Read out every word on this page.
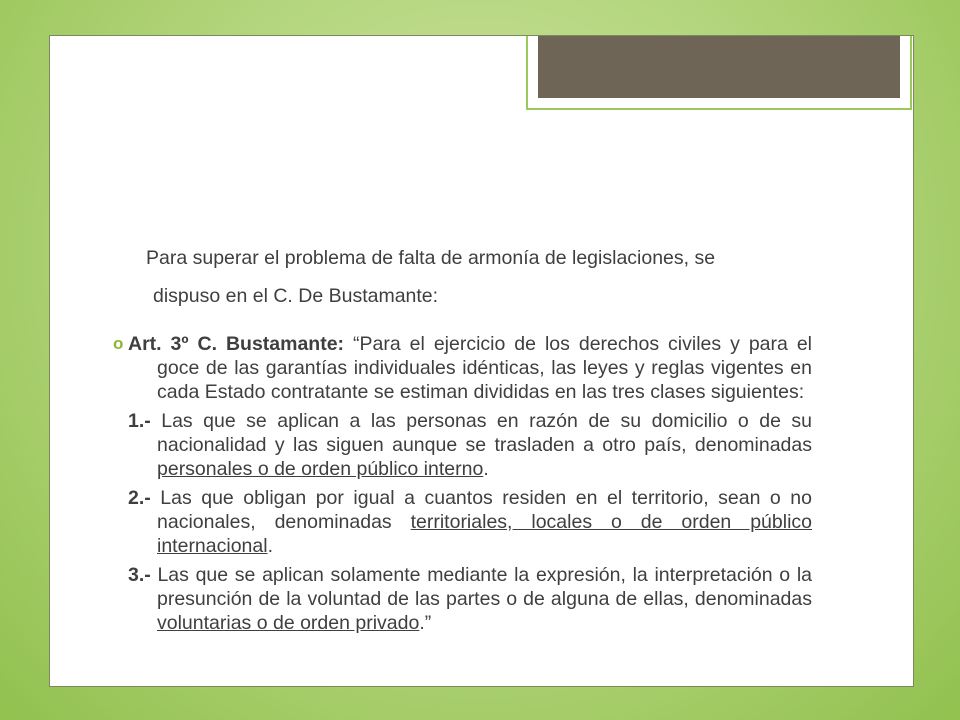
Para superar el problema de falta de armonía de legislaciones, se

dispuso en el C. De Bustamante:

o Art. 3º C. Bustamante: “Para el ejercicio de los derechos civiles y para el goce de las garantías individuales idénticas, las leyes y reglas vigentes en cada Estado contratante se estiman divididas en las tres clases siguientes:

1.- Las que se aplican a las personas en razón de su domicilio o de su nacionalidad y las siguen aunque se trasladen a otro país, denominadas personales o de orden público interno.

2.- Las que obligan por igual a cuantos residen en el territorio, sean o no nacionales, denominadas territoriales, locales o de orden público internacional.

3.- Las que se aplican solamente mediante la expresión, la interpretación o la presunción de la voluntad de las partes o de alguna de ellas, denominadas voluntarias o de orden privado.”
